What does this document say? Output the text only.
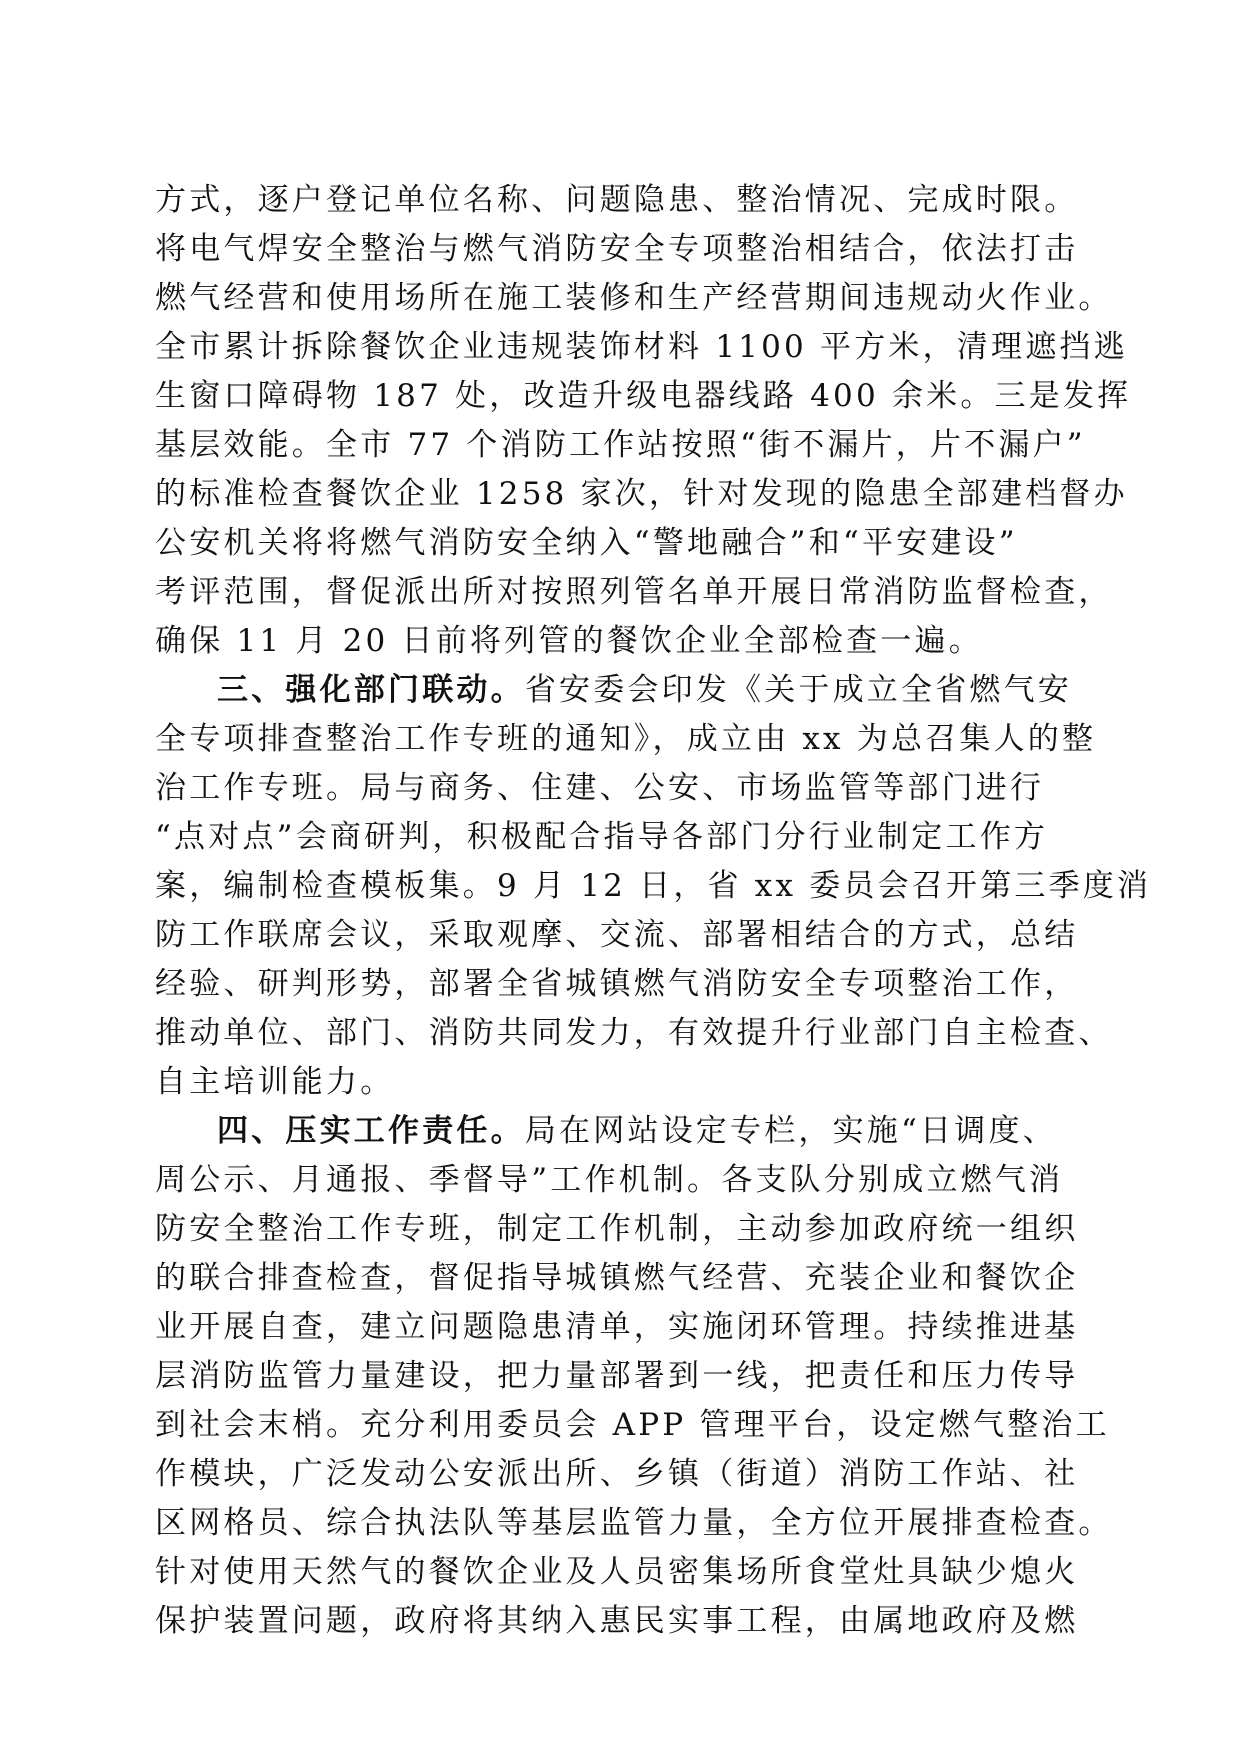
方式，逐户登记单位名称、问题隐患、整治情况、完成时限。
将电气焊安全整治与燃气消防安全专项整治相结合，依法打击
燃气经营和使用场所在施工装修和生产经营期间违规动火作业。
全市累计拆除餐饮企业违规装饰材料 1100 平方米，清理遮挡逃
生窗口障碍物 187 处，改造升级电器线路 400 余米。三是发挥
基层效能。全市 77 个消防工作站按照“街不漏片，片不漏户”
的标准检查餐饮企业 1258 家次，针对发现的隐患全部建档督办
公安机关将将燃气消防安全纳入“警地融合”和“平安建设”
考评范围，督促派出所对按照列管名单开展日常消防监督检查，
确保 11 月 20 日前将列管的餐饮企业全部检查一遍。
三、强化部门联动。省安委会印发《关于成立全省燃气安
全专项排查整治工作专班的通知》，成立由 xx 为总召集人的整
治工作专班。局与商务、住建、公安、市场监管等部门进行
“点对点”会商研判，积极配合指导各部门分行业制定工作方
案，编制检查模板集。9 月 12 日，省 xx 委员会召开第三季度消
防工作联席会议，采取观摩、交流、部署相结合的方式，总结
经验、研判形势，部署全省城镇燃气消防安全专项整治工作，
推动单位、部门、消防共同发力，有效提升行业部门自主检查、
自主培训能力。
四、压实工作责任。局在网站设定专栏，实施“日调度、
周公示、月通报、季督导”工作机制。各支队分别成立燃气消
防安全整治工作专班，制定工作机制，主动参加政府统一组织
的联合排查检查，督促指导城镇燃气经营、充装企业和餐饮企
业开展自查，建立问题隐患清单，实施闭环管理。持续推进基
层消防监管力量建设，把力量部署到一线，把责任和压力传导
到社会末梢。充分利用委员会 APP 管理平台，设定燃气整治工
作模块，广泛发动公安派出所、乡镇（街道）消防工作站、社
区网格员、综合执法队等基层监管力量，全方位开展排查检查。
针对使用天然气的餐饮企业及人员密集场所食堂灶具缺少熄火
保护装置问题，政府将其纳入惠民实事工程，由属地政府及燃
